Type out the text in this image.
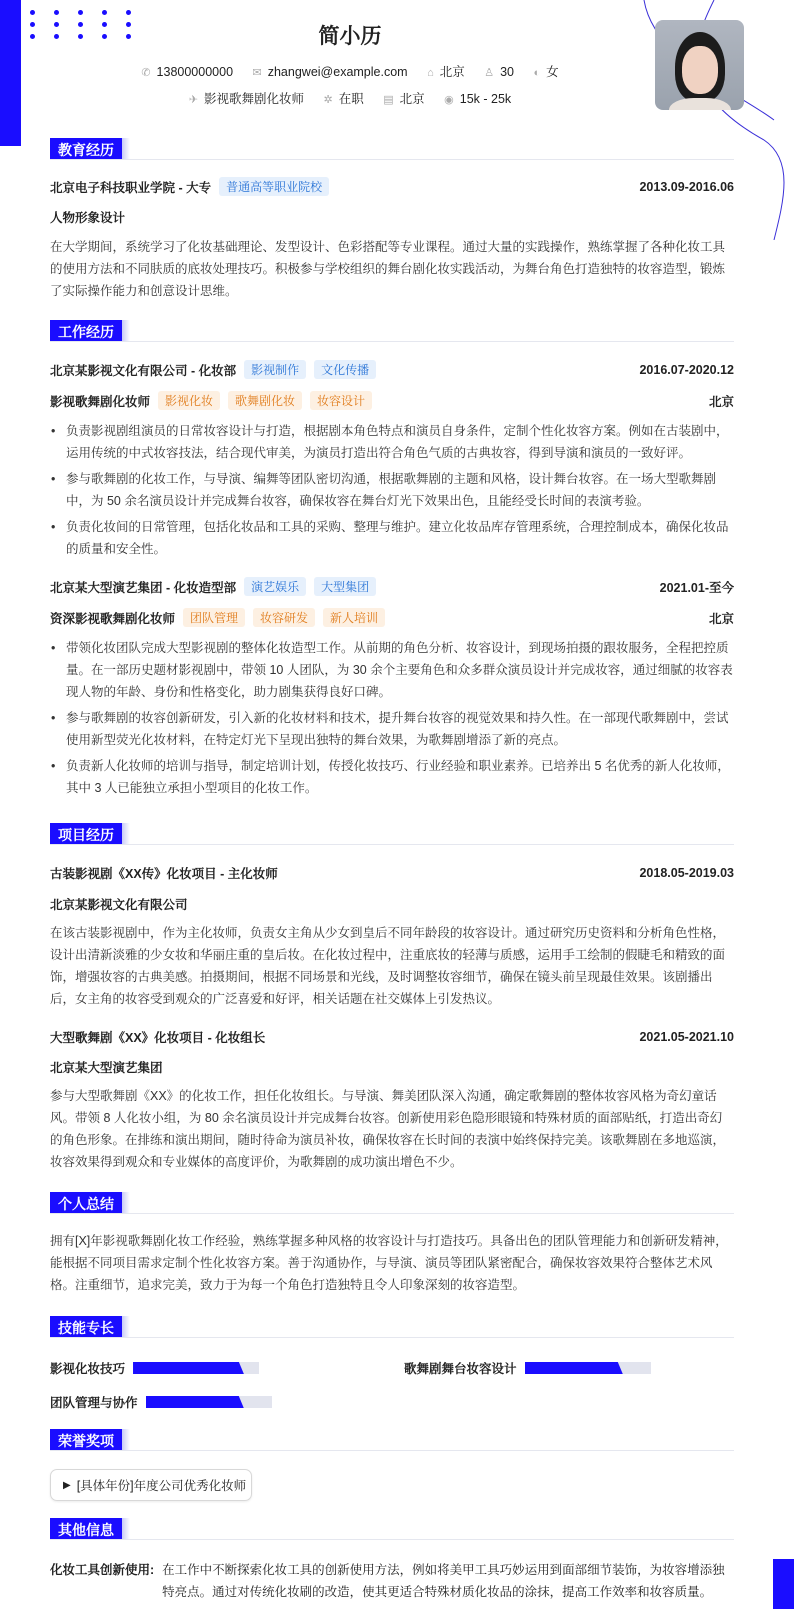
简小历
✆ 13800000000 ✉ zhangwei@example.com ⌂ 北京 ♙ 30 ◐ 女
✈ 影视歌舞剧化妆师 ✲ 在职 ▤ 北京 ◉ 15k - 25k
教育经历
北京电子科技职业学院 - 大专	普通高等职业院校	2013.09-2016.06
人物形象设计
在大学期间，系统学习了化妆基础理论、发型设计、色彩搭配等专业课程。通过大量的实践操作，熟练掌握了各种化妆工具的使用方法和不同肤质的底妆处理技巧。积极参与学校组织的舞台剧化妆实践活动，为舞台角色打造独特的妆容造型，锻炼了实际操作能力和创意设计思维。
工作经历
北京某影视文化有限公司 - 化妆部	影视制作	文化传播	2016.07-2020.12
影视歌舞剧化妆师	影视化妆	歌舞剧化妆	妆容设计	北京
• 负责影视剧组演员的日常妆容设计与打造，根据剧本角色特点和演员自身条件，定制个性化妆容方案。例如在古装剧中，运用传统的中式妆容技法，结合现代审美，为演员打造出符合角色气质的古典妆容，得到导演和演员的一致好评。
• 参与歌舞剧的化妆工作，与导演、编舞等团队密切沟通，根据歌舞剧的主题和风格，设计舞台妆容。在一场大型歌舞剧中，为 50 余名演员设计并完成舞台妆容，确保妆容在舞台灯光下效果出色，且能经受长时间的表演考验。
• 负责化妆间的日常管理，包括化妆品和工具的采购、整理与维护。建立化妆品库存管理系统，合理控制成本，确保化妆品的质量和安全性。
北京某大型演艺集团 - 化妆造型部	演艺娱乐	大型集团	2021.01-至今
资深影视歌舞剧化妆师	团队管理	妆容研发	新人培训	北京
• 带领化妆团队完成大型影视剧的整体化妆造型工作。从前期的角色分析、妆容设计，到现场拍摄的跟妆服务，全程把控质量。在一部历史题材影视剧中，带领 10 人团队，为 30 余个主要角色和众多群众演员设计并完成妆容，通过细腻的妆容表现人物的年龄、身份和性格变化，助力剧集获得良好口碑。
• 参与歌舞剧的妆容创新研发，引入新的化妆材料和技术，提升舞台妆容的视觉效果和持久性。在一部现代歌舞剧中，尝试使用新型荧光化妆材料，在特定灯光下呈现出独特的舞台效果，为歌舞剧增添了新的亮点。
• 负责新人化妆师的培训与指导，制定培训计划，传授化妆技巧、行业经验和职业素养。已培养出 5 名优秀的新人化妆师，其中 3 人已能独立承担小型项目的化妆工作。
项目经历
古装影视剧《XX传》化妆项目 - 主化妆师	2018.05-2019.03
北京某影视文化有限公司
在该古装影视剧中，作为主化妆师，负责女主角从少女到皇后不同年龄段的妆容设计。通过研究历史资料和分析角色性格，设计出清新淡雅的少女妆和华丽庄重的皇后妆。在化妆过程中，注重底妆的轻薄与质感，运用手工绘制的假睫毛和精致的面饰，增强妆容的古典美感。拍摄期间，根据不同场景和光线，及时调整妆容细节，确保在镜头前呈现最佳效果。该剧播出后，女主角的妆容受到观众的广泛喜爱和好评，相关话题在社交媒体上引发热议。
大型歌舞剧《XX》化妆项目 - 化妆组长	2021.05-2021.10
北京某大型演艺集团
参与大型歌舞剧《XX》的化妆工作，担任化妆组长。与导演、舞美团队深入沟通，确定歌舞剧的整体妆容风格为奇幻童话风。带领 8 人化妆小组，为 80 余名演员设计并完成舞台妆容。创新使用彩色隐形眼镜和特殊材质的面部贴纸，打造出奇幻的角色形象。在排练和演出期间，随时待命为演员补妆，确保妆容在长时间的表演中始终保持完美。该歌舞剧在多地巡演，妆容效果得到观众和专业媒体的高度评价，为歌舞剧的成功演出增色不少。
个人总结
拥有[X]年影视歌舞剧化妆工作经验，熟练掌握多种风格的妆容设计与打造技巧。具备出色的团队管理能力和创新研发精神，能根据不同项目需求定制个性化妆容方案。善于沟通协作，与导演、演员等团队紧密配合，确保妆容效果符合整体艺术风格。注重细节，追求完美，致力于为每一个角色打造独特且令人印象深刻的妆容造型。
技能专长
影视化妆技巧	歌舞剧舞台妆容设计
团队管理与协作
荣誉奖项
▶ [具体年份]年度公司优秀化妆师
其他信息
化妆工具创新使用: 在工作中不断探索化妆工具的创新使用方法，例如将美甲工具巧妙运用到面部细节装饰，为妆容增添独特亮点。通过对传统化妆刷的改造，使其更适合特殊材质化妆品的涂抹，提高工作效率和妆容质量。
